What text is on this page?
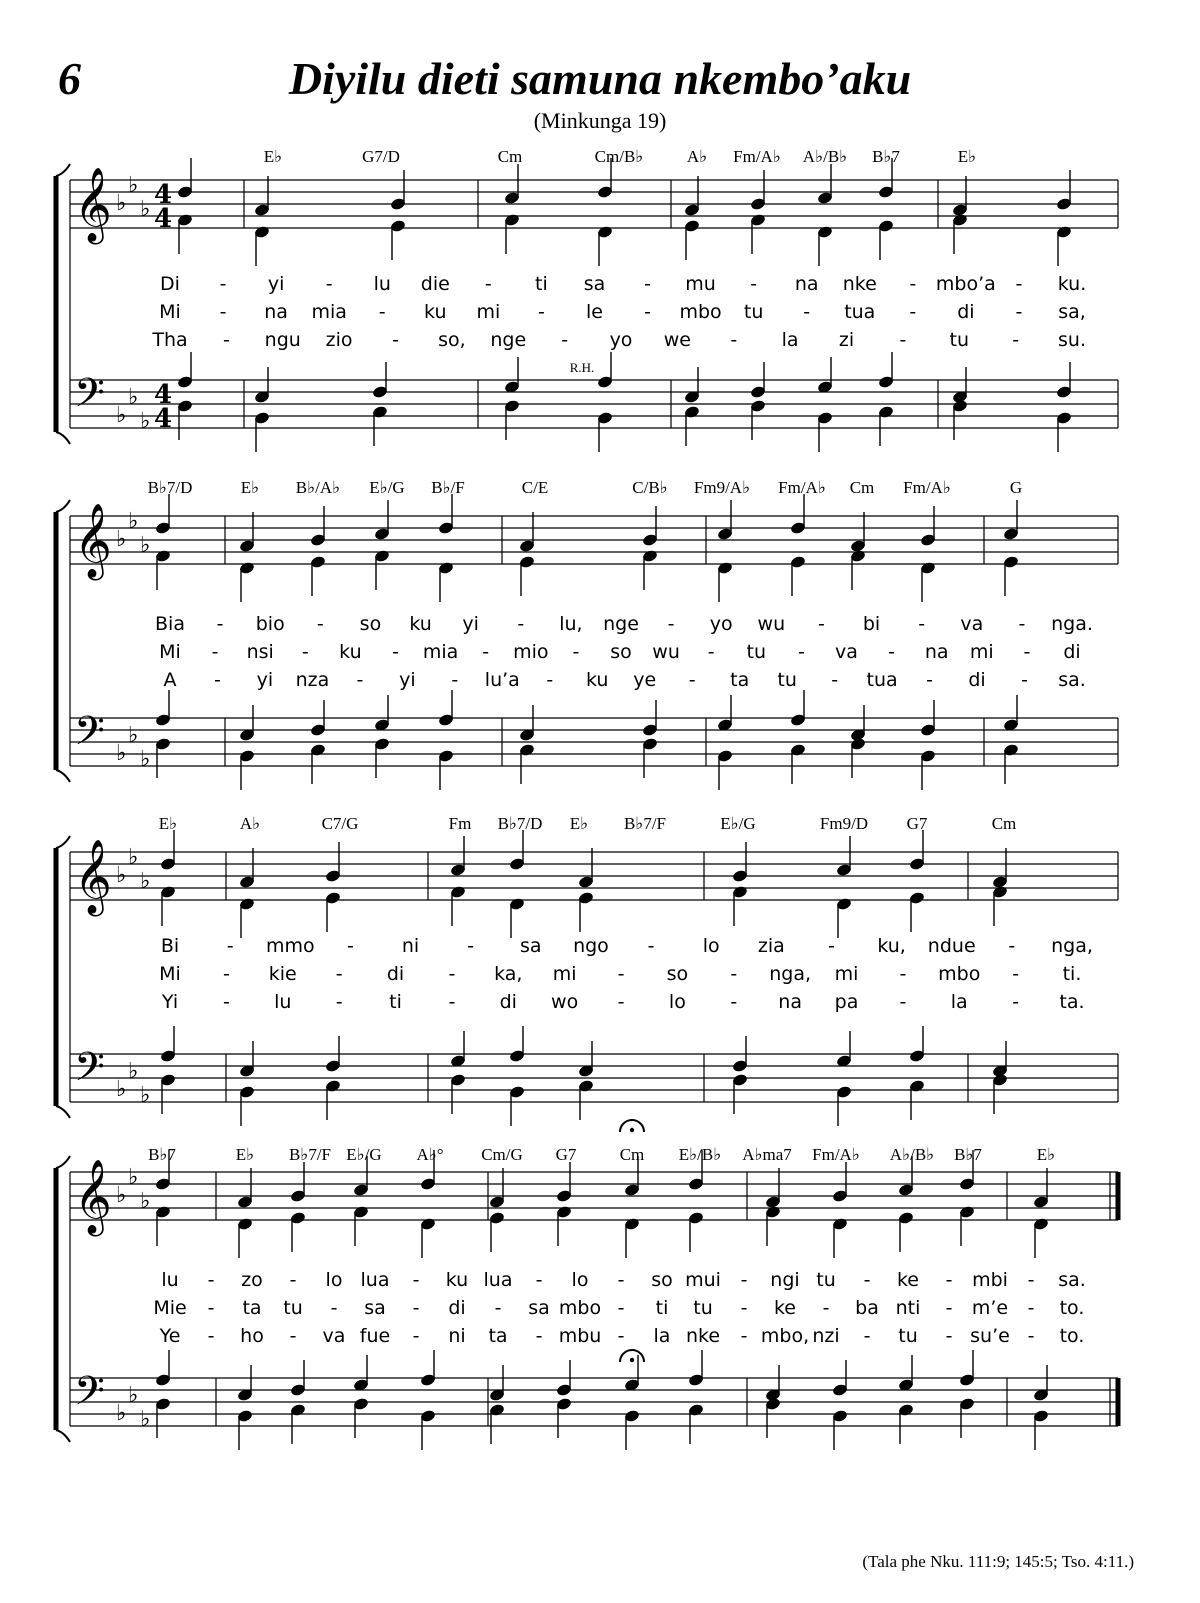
6	Diyilu dieti samuna nkembo’aku
(Minkunga 19)
𝄞 ♭
♭
♭ 4
4
𝄢 ♭
♭
♭
4
4
E♭	G7/D	Cm	Cm/B♭	A♭ Fm/A♭ A♭/B♭ B♭7	E♭
Di - yi - lu die - ti sa - mu - na nke - mbo’a - ku.
Mi - na mia - ku mi - le - mbo tu - tua - di - sa,
Tha - ngu zio - so, nge - yo we - la zi - tu - su.
𝄞 ♭
♭
♭
𝄢 ♭
♭
♭
B♭7/D	E♭ B♭/A♭ E♭/G B♭/F	C/E	C/B♭ Fm9/A♭ Fm/A♭ Cm Fm/A♭	G
Bia - bio - so ku yi - lu, nge - yo wu - bi - va - nga.
Mi - nsi - ku - mia - mio - so wu - tu - va - na mi - di
A - yi nza - yi - lu’a - ku ye - ta tu - tua - di - sa.
𝄞 ♭
♭
♭
𝄢 ♭
♭
♭
E♭	A♭	C7/G	Fm B♭7/D E♭ B♭7/F	E♭/G	Fm9/D G7	Cm
Bi	- mmo -	ni	- sa ngo -	lo zia - ku, ndue - nga,
Mi - kie - di - ka, mi - so - nga, mi - mbo - ti.
Yi - lu - ti - di wo - lo - na pa - la - ta.
𝄞 ♭
♭
♭
𝄢 ♭
♭
♭
B♭7	E♭ B♭7/F E♭/G A♭° Cm/G G7	Cm E♭/B♭ A♭ma7 Fm/A♭ A♭/B♭ B♭7	E♭
lu - zo - lo lua - ku lua - lo - so mui - ngi tu - ke - mbi - sa.
Mie - ta tu - sa - di - sa mbo - ti tu - ke - ba nti - m’e - to.
Ye - ho - va fue - ni ta - mbu - la nke - mbo, nzi - tu - su’e - to.
R.H.
(Tala phe Nku. 111:9; 145:5; Tso. 4:11.)
